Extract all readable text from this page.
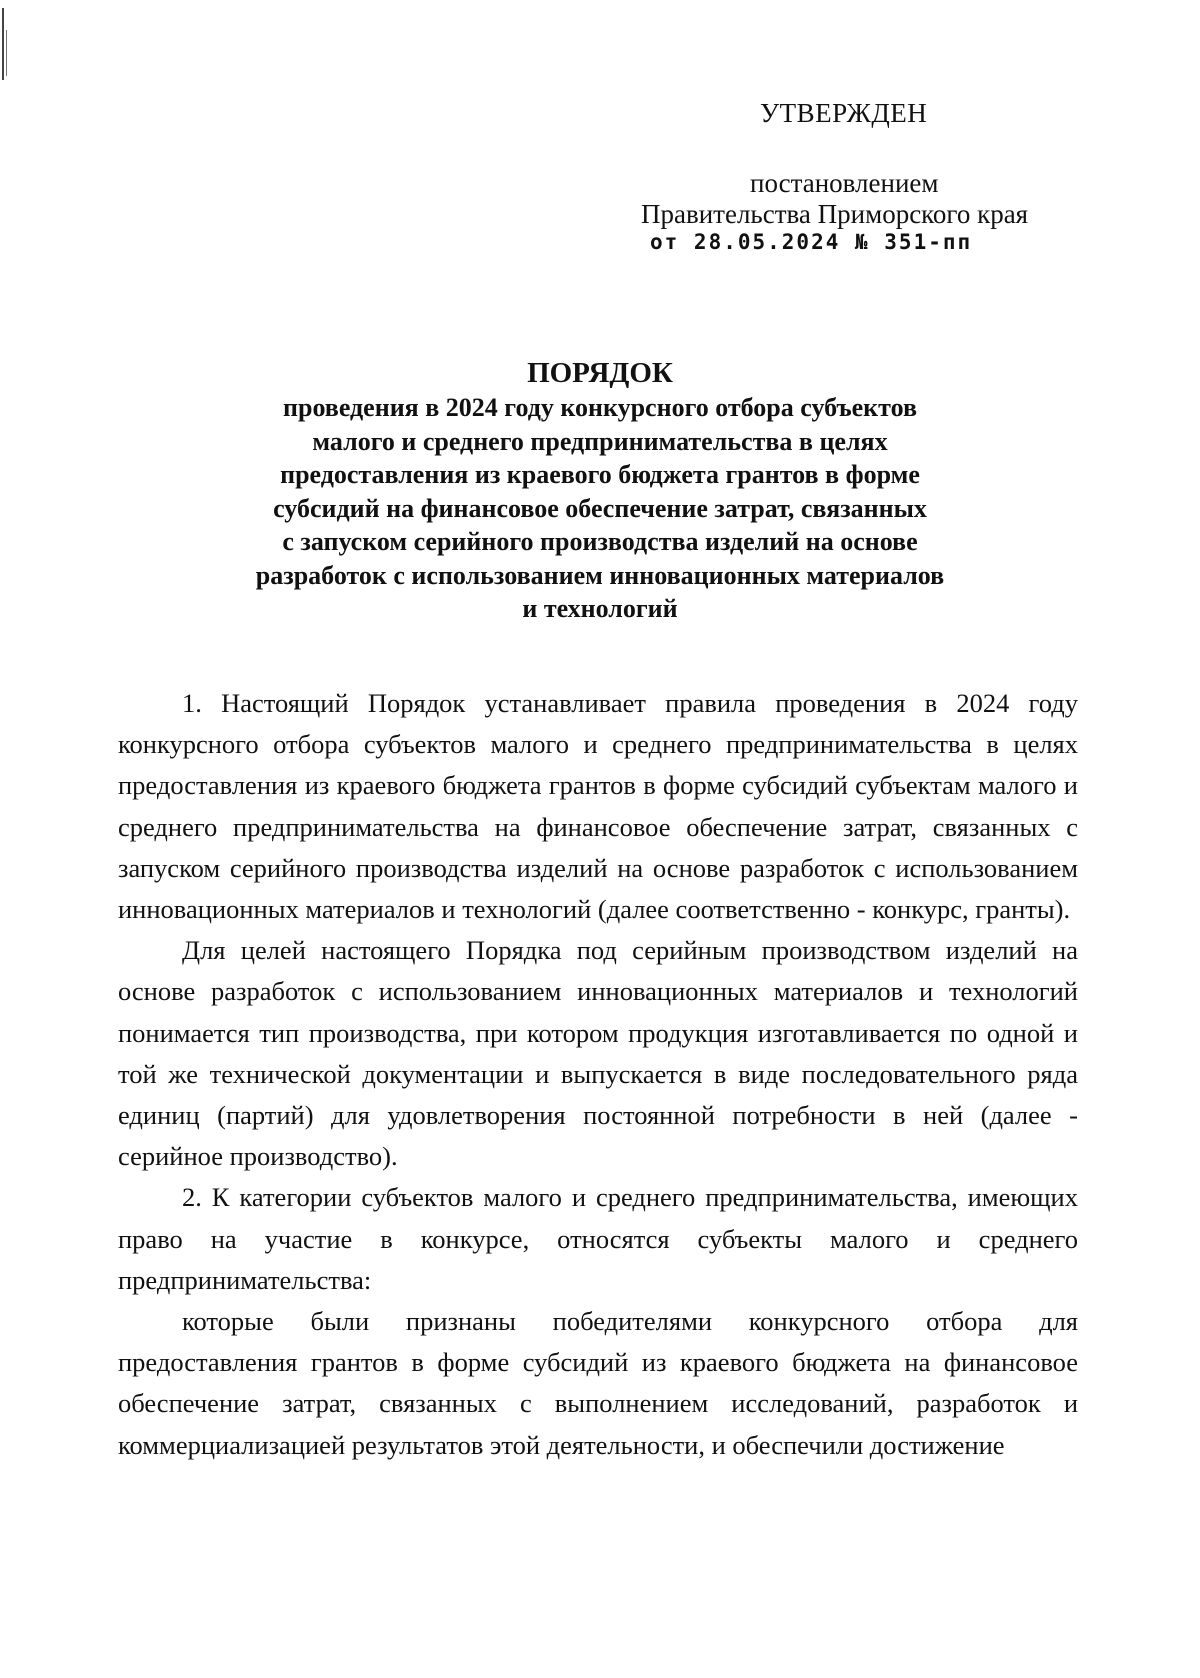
УТВЕРЖДЕН
постановлением
Правительства Приморского края
от 28.05.2024 № 351-пп

ПОРЯДОК

проведения в 2024 году конкурсного отбора субъектов

малого и среднего предпринимательства в целях

предоставления из краевого бюджета грантов в форме

субсидий на финансовое обеспечение затрат, связанных

с запуском серийного производства изделий на основе

разработок с использованием инновационных материалов

и технологий

1. Настоящий Порядок устанавливает правила проведения в 2024 году конкурсного отбора субъектов малого и среднего предпринимательства в целях предоставления из краевого бюджета грантов в форме субсидий субъектам малого и среднего предпринимательства на финансовое обеспечение затрат, связанных с запуском серийного производства изделий на основе разработок с использованием инновационных материалов и технологий (далее соответственно - конкурс, гранты).

Для целей настоящего Порядка под серийным производством изделий на основе разработок с использованием инновационных материалов и технологий понимается тип производства, при котором продукция изготавливается по одной и той же технической документации и выпускается в виде последовательного ряда единиц (партий) для удовлетворения постоянной потребности в ней (далее - серийное производство).

2. К категории субъектов малого и среднего предпринимательства, имеющих право на участие в конкурсе, относятся субъекты малого и среднего предпринимательства:

которые были признаны победителями конкурсного отбора для предоставления грантов в форме субсидий из краевого бюджета на финансовое обеспечение затрат, связанных с выполнением исследований, разработок и коммерциализацией результатов этой деятельности, и обеспечили достижение
